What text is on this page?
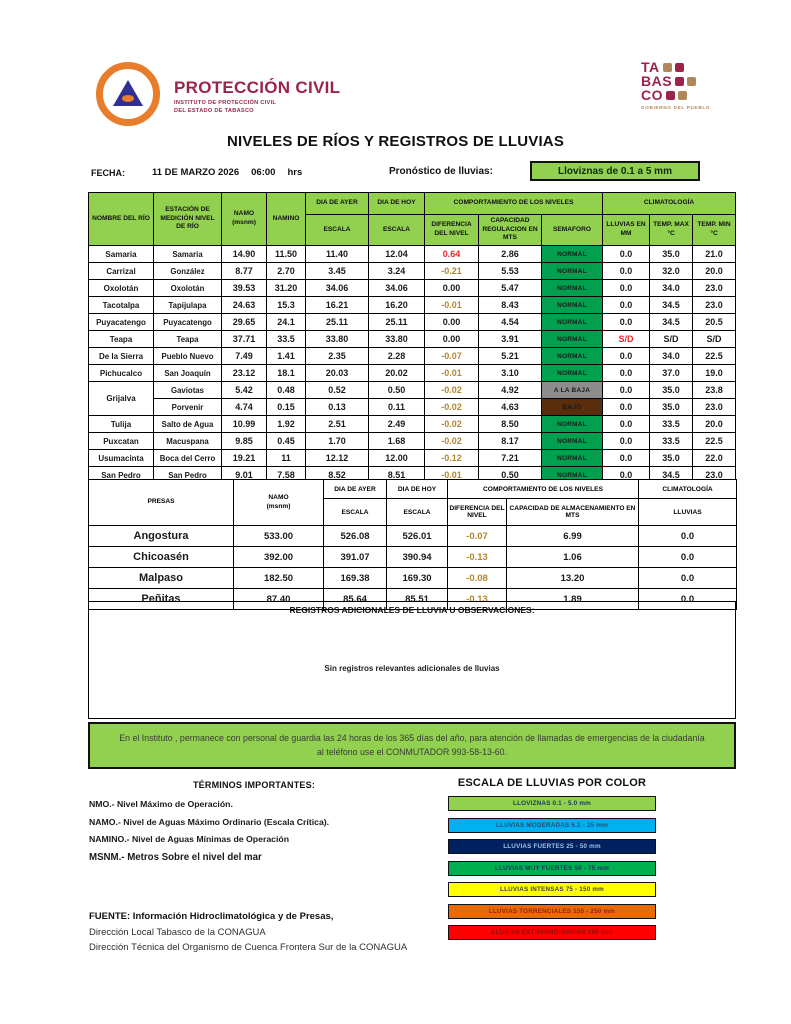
PROTECCIÓN CIVIL
INSTITUTO DE PROTECCIÓN CIVIL
DEL ESTADO DE TABASCO
TA
BAS
CO
GOBIERNO DEL PUEBLO
NIVELES DE RÍOS Y REGISTROS DE LLUVIAS
FECHA:	11 DE MARZO 2026 06:00 hrs	Pronóstico de lluvias:	Lloviznas de 0.1 a 5 mm
NOMBRE DEL RÍO	ESTACIÓN DE MEDICIÓN NIVEL DE RÍO	NAMO (msnm)	NAMINO	DIA DE AYER	DIA DE HOY	COMPORTAMIENTO DE LOS NIVELES			CLIMATOLOGÍA		
				ESCALA	ESCALA	DIFERENCIA DEL NIVEL	CAPACIDAD REGULACION EN MTS	SEMAFORO	LLUVIAS EN MM	TEMP. MAX °C	TEMP. MIN °C
Samaria	Samaria	14.90	11.50	11.40	12.04	0.64	2.86	NORMAL	0.0	35.0	21.0
Carrizal	González	8.77	2.70	3.45	3.24	-0.21	5.53	NORMAL	0.0	32.0	20.0
Oxolotán	Oxolotán	39.53	31.20	34.06	34.06	0.00	5.47	NORMAL	0.0	34.0	23.0
Tacotalpa	Tapijulapa	24.63	15.3	16.21	16.20	-0.01	8.43	NORMAL	0.0	34.5	23.0
Puyacatengo	Puyacatengo	29.65	24.1	25.11	25.11	0.00	4.54	NORMAL	0.0	34.5	20.5
Teapa	Teapa	37.71	33.5	33.80	33.80	0.00	3.91	NORMAL	S/D	S/D	S/D
De la Sierra	Pueblo Nuevo	7.49	1.41	2.35	2.28	-0.07	5.21	NORMAL	0.0	34.0	22.5
Pichucalco	San Joaquín	23.12	18.1	20.03	20.02	-0.01	3.10	NORMAL	0.0	37.0	19.0
Grijalva	Gaviotas	5.42	0.48	0.52	0.50	-0.02	4.92	A LA BAJA	0.0	35.0	23.8
	Porvenir	4.74	0.15	0.13	0.11	-0.02	4.63	BAJO	0.0	35.0	23.0
Tulija	Salto de Agua	10.99	1.92	2.51	2.49	-0.02	8.50	NORMAL	0.0	33.5	20.0
Puxcatan	Macuspana	9.85	0.45	1.70	1.68	-0.02	8.17	NORMAL	0.0	33.5	22.5
Usumacinta	Boca del Cerro	19.21	11	12.12	12.00	-0.12	7.21	NORMAL	0.0	35.0	22.0
San Pedro	San Pedro	9.01	7.58	8.52	8.51	-0.01	0.50	NORMAL	0.0	34.5	23.0
PRESAS	NAMO
(msnm)	DIA DE AYER	DIA DE HOY	COMPORTAMIENTO DE LOS NIVELES		CLIMATOLOGÍA
		ESCALA	ESCALA	DIFERENCIA DEL NIVEL	CAPACIDAD DE ALMACENAMIENTO EN MTS	LLUVIAS
Angostura	533.00	526.08	526.01	-0.07	6.99	0.0
Chicoasén	392.00	391.07	390.94	-0.13	1.06	0.0
Malpaso	182.50	169.38	169.30	-0.08	13.20	0.0
Peñitas	87.40	85.64	85.51	-0.13	1.89	0.0
REGISTROS ADICIONALES DE LLUVIA U OBSERVACIONES:
Sin registros relevantes adicionales de lluvias
En el Instituto , permanece con personal de guardia las 24 horas de los 365 días del año, para atención de llamadas de emergencias de la ciudadanía al teléfono use el CONMUTADOR 993-58-13-60.
TÉRMINOS IMPORTANTES:
NMO.- Nivel Máximo de Operación.
NAMO.- Nivel de Aguas Máximo Ordinario (Escala Crítica).
NAMINO.- Nivel de Aguas Mínimas de Operación
MSNM.- Metros Sobre el nivel del mar
ESCALA DE LLUVIAS POR COLOR
LLOVIZNAS 0.1 - 5.0 mm
LLUVIAS MODERADAS 5.1 - 25 mm
LLUVIAS FUERTES 25 - 50 mm
LLUVIAS MUY FUERTES 50 - 75 mm
LLUVIAS INTENSAS 75 - 150 mm
LLUVIAS TORRENCIALES 150 - 250 mm
LLUVIAS EXTRAORDINARIAS 250 mm
FUENTE: Información Hidroclimatológica y de Presas,
Dirección Local Tabasco de la CONAGUA
Dirección Técnica del Organismo de Cuenca Frontera Sur de la CONAGUA
